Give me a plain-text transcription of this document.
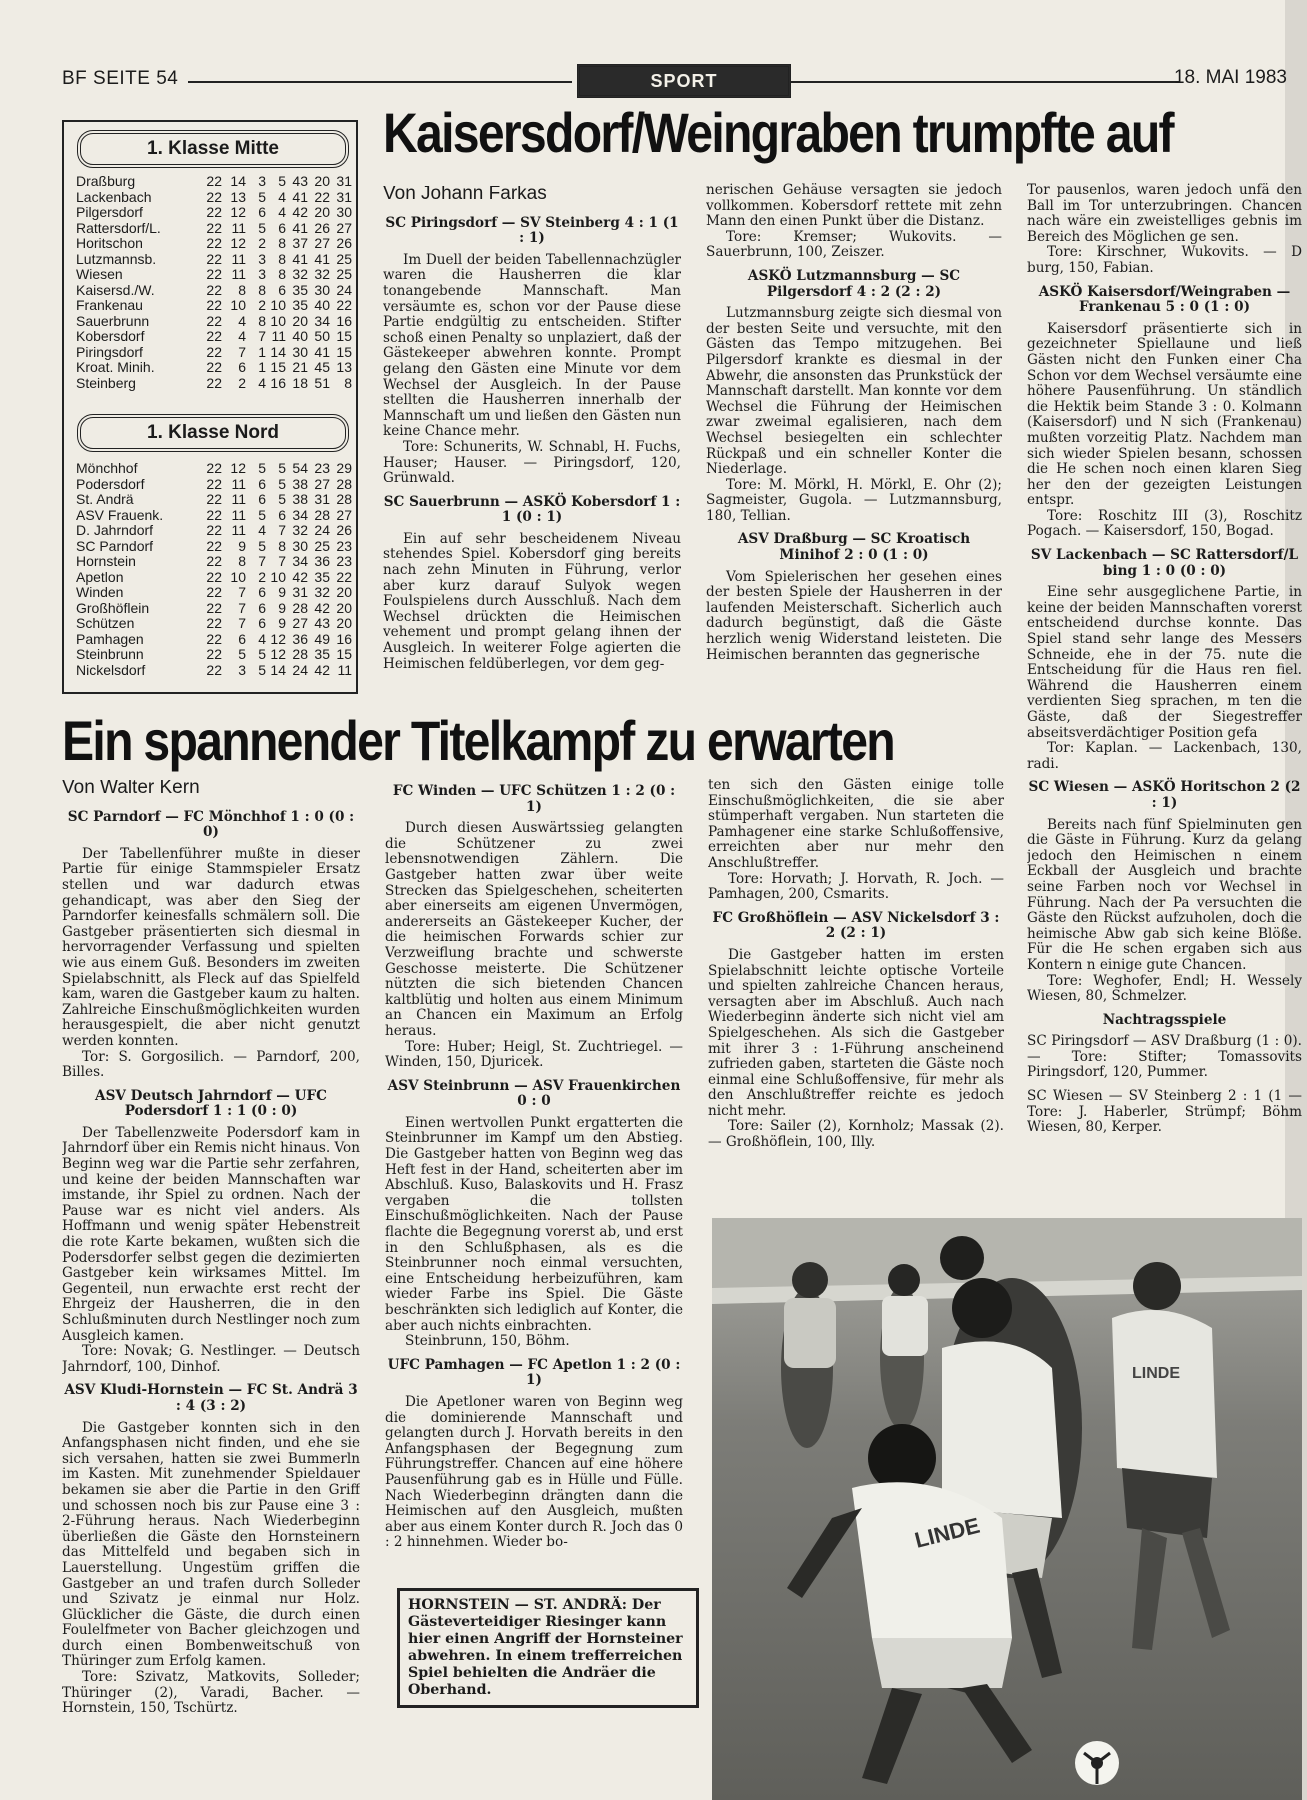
BF SEITE 54	SPORT	18. MAI 1983
Kaisersdorf/Weingraben trumpfte auf
Ein spannender Titelkampf zu erwarten
1. Klasse Mitte
Draßburg	22 14 3 5 43 20 31
Lackenbach	22 13 5 4 41 22 31
Pilgersdorf	22 12 6 4 42 20 30
Rattersdorf/L.	22 11 5 6 41 26 27
Horitschon	22 12 2 8 37 27 26
Lutzmannsb.	22 11 3 8 41 41 25
Wiesen	22 11 3 8 32 32 25
Kaisersd./W.	22	8 8 6 35 30 24
Frankenau	22 10 2 10 35 40 22
Sauerbrunn	22	4 8 10 20 34 16
Kobersdorf	22	4 7 11 40 50 15
Piringsdorf	22	7 1 14 30 41 15
Kroat. Minih.	22	6 1 15 21 45 13
Steinberg	22	2 4 16 18 51	8
1. Klasse Nord
Mönchhof	22 12 5 5 54 23 29
Podersdorf	22 11 6 5 38 27 28
St. Andrä	22 11 6 5 38 31 28
ASV Frauenk.	22 11 5 6 34 28 27
D. Jahrndorf	22 11 4 7 32 24 26
SC Parndorf	22	9 5 8 30 25 23
Hornstein	22	8 7 7 34 36 23
Apetlon	22 10 2 10 42 35 22
Winden	22	7 6 9 31 32 20
Großhöflein	22	7 6 9 28 42 20
Schützen	22	7 6 9 27 43 20
Pamhagen	22	6 4 12 36 49 16
Steinbrunn	22	5 5 12 28 35 15
Nickelsdorf	22	3 5 14 24 42 11
Von Johann Farkas
SC Piringsdorf — SV Steinberg 4 : 1 (1 : 1)

Im Duell der beiden Tabellennachzügler waren die Hausherren die klar tonangebende Mannschaft. Man versäumte es, schon vor der Pause diese Partie endgültig zu entscheiden. Stifter schoß einen Penalty so unplaziert, daß der Gästekeeper abwehren konnte. Prompt gelang den Gästen eine Minute vor dem Wechsel der Ausgleich. In der Pause stellten die Hausherren innerhalb der Mannschaft um und ließen den Gästen nun keine Chance mehr.

Tore: Schunerits, W. Schnabl, H. Fuchs, Hauser; Hauser. — Piringsdorf, 120, Grünwald.

SC Sauerbrunn — ASKÖ Kobersdorf 1 : 1 (0 : 1)

Ein auf sehr bescheidenem Niveau stehendes Spiel. Kobersdorf ging bereits nach zehn Minuten in Führung, verlor aber kurz darauf Sulyok wegen Foulspielens durch Ausschluß. Nach dem Wechsel drückten die Heimischen vehement und prompt gelang ihnen der Ausgleich. In weiterer Folge agierten die Heimischen feldüberlegen, vor dem geg-

nerischen Gehäuse versagten sie jedoch vollkommen. Kobersdorf rettete mit zehn Mann den einen Punkt über die Distanz.

Tore: Kremser; Wukovits. — Sauerbrunn, 100, Zeiszer.

ASKÖ Lutzmannsburg — SC Pilgersdorf 4 : 2 (2 : 2)

Lutzmannsburg zeigte sich diesmal von der besten Seite und versuchte, mit den Gästen das Tempo mitzugehen. Bei Pilgersdorf krankte es diesmal in der Abwehr, die ansonsten das Prunkstück der Mannschaft darstellt. Man konnte vor dem Wechsel die Führung der Heimischen zwar zweimal egalisieren, nach dem Wechsel besiegelten ein schlechter Rückpaß und ein schneller Konter die Niederlage.

Tore: M. Mörkl, H. Mörkl, E. Ohr (2); Sagmeister, Gugola. — Lutzmannsburg, 180, Tellian.

ASV Draßburg — SC Kroatisch Minihof 2 : 0 (1 : 0)

Vom Spielerischen her gesehen eines der besten Spiele der Hausherren in der laufenden Meisterschaft. Sicherlich auch dadurch begünstigt, daß die Gäste herzlich wenig Widerstand leisteten. Die Heimischen berannten das gegnerische

Tor pausenlos, waren jedoch unfä den Ball im Tor unterzubringen. Chancen nach wäre ein zweistelliges gebnis im Bereich des Möglichen ge sen.

Tore: Kirschner, Wukovits. — D burg, 150, Fabian.

ASKÖ Kaisersdorf/Weingraben — Frankenau 5 : 0 (1 : 0)

Kaisersdorf präsentierte sich in gezeichneter Spiellaune und ließ Gästen nicht den Funken einer Cha Schon vor dem Wechsel versäumte eine höhere Pausenführung. Un ständlich die Hektik beim Stande 3 : 0. Kolmann (Kaisersdorf) und N sich (Frankenau) mußten vorzeitig Platz. Nachdem man sich wieder Spielen besann, schossen die He schen noch einen klaren Sieg her den der gezeigten Leistungen entspr.

Tore: Roschitz III (3), Roschitz Pogach. — Kaisersdorf, 150, Bogad.

SV Lackenbach — SC Rattersdorf/L bing 1 : 0 (0 : 0)

Eine sehr ausgeglichene Partie, in keine der beiden Mannschaften vorerst entscheidend durchse konnte. Das Spiel stand sehr lange des Messers Schneide, ehe in der 75. nute die Entscheidung für die Haus ren fiel. Während die Hausherren einem verdienten Sieg sprachen, m ten die Gäste, daß der Siegestreffer abseitsverdächtiger Position gefa

Tor: Kaplan. — Lackenbach, 130, radi.

SC Wiesen — ASKÖ Horitschon 2 (2 : 1)

Bereits nach fünf Spielminuten gen die Gäste in Führung. Kurz da gelang jedoch den Heimischen n einem Eckball der Ausgleich und brachte seine Farben noch vor Wechsel in Führung. Nach der Pa versuchten die Gäste den Rückst aufzuholen, doch die heimische Abw gab sich keine Blöße. Für die He schen ergaben sich aus Kontern n einige gute Chancen.

Tore: Weghofer, Endl; H. Wessely Wiesen, 80, Schmelzer.

Nachtragsspiele

SC Piringsdorf — ASV Draßburg (1 : 0). — Tore: Stifter; Tomassovits Piringsdorf, 120, Pummer.

SC Wiesen — SV Steinberg 2 : 1 (1 — Tore: J. Haberler, Strümpf; Böhm Wiesen, 80, Kerper.

Von Walter Kern
SC Parndorf — FC Mönchhof 1 : 0 (0 : 0)

Der Tabellenführer mußte in dieser Partie für einige Stammspieler Ersatz stellen und war dadurch etwas gehandicapt, was aber den Sieg der Parndorfer keinesfalls schmälern soll. Die Gastgeber präsentierten sich diesmal in hervorragender Verfassung und spielten wie aus einem Guß. Besonders im zweiten Spielabschnitt, als Fleck auf das Spielfeld kam, waren die Gastgeber kaum zu halten. Zahlreiche Einschußmöglichkeiten wurden herausgespielt, die aber nicht genutzt werden konnten.

Tor: S. Gorgosilich. — Parndorf, 200, Billes.

ASV Deutsch Jahrndorf — UFC Podersdorf 1 : 1 (0 : 0)

Der Tabellenzweite Podersdorf kam in Jahrndorf über ein Remis nicht hinaus. Von Beginn weg war die Partie sehr zerfahren, und keine der beiden Mannschaften war imstande, ihr Spiel zu ordnen. Nach der Pause war es nicht viel anders. Als Hoffmann und wenig später Hebenstreit die rote Karte bekamen, wußten sich die Podersdorfer selbst gegen die dezimierten Gastgeber kein wirksames Mittel. Im Gegenteil, nun erwachte erst recht der Ehrgeiz der Hausherren, die in den Schlußminuten durch Nestlinger noch zum Ausgleich kamen.

Tore: Novak; G. Nestlinger. — Deutsch Jahrndorf, 100, Dinhof.

ASV Kludi-Hornstein — FC St. Andrä 3 : 4 (3 : 2)

Die Gastgeber konnten sich in den Anfangsphasen nicht finden, und ehe sie sich versahen, hatten sie zwei Bummerln im Kasten. Mit zunehmender Spieldauer bekamen sie aber die Partie in den Griff und schossen noch bis zur Pause eine 3 : 2-Führung heraus. Nach Wiederbeginn überließen die Gäste den Hornsteinern das Mittelfeld und begaben sich in Lauerstellung. Ungestüm griffen die Gastgeber an und trafen durch Solleder und Szivatz je einmal nur Holz. Glücklicher die Gäste, die durch einen Foulelfmeter von Bacher gleichzogen und durch einen Bombenweitschuß von Thüringer zum Erfolg kamen.

Tore: Szivatz, Matkovits, Solleder; Thüringer (2), Varadi, Bacher. — Hornstein, 150, Tschürtz.

FC Winden — UFC Schützen 1 : 2 (0 : 1)

Durch diesen Auswärtssieg gelangten die Schützener zu zwei lebensnotwendigen Zählern. Die Gastgeber hatten zwar über weite Strecken das Spielgeschehen, scheiterten aber einerseits am eigenen Unvermögen, andererseits an Gästekeeper Kucher, der die heimischen Forwards schier zur Verzweiflung brachte und schwerste Geschosse meisterte. Die Schützener nützten die sich bietenden Chancen kaltblütig und holten aus einem Minimum an Chancen ein Maximum an Erfolg heraus.

Tore: Huber; Heigl, St. Zuchtriegel. — Winden, 150, Djuricek.

ASV Steinbrunn — ASV Frauenkirchen 0 : 0

Einen wertvollen Punkt ergatterten die Steinbrunner im Kampf um den Abstieg. Die Gastgeber hatten von Beginn weg das Heft fest in der Hand, scheiterten aber im Abschluß. Kuso, Balaskovits und H. Frasz vergaben die tollsten Einschußmöglichkeiten. Nach der Pause flachte die Begegnung vorerst ab, und erst in den Schlußphasen, als es die Steinbrunner noch einmal versuchten, eine Entscheidung herbeizuführen, kam wieder Farbe ins Spiel. Die Gäste beschränkten sich lediglich auf Konter, die aber auch nichts einbrachten.

Steinbrunn, 150, Böhm.

UFC Pamhagen — FC Apetlon 1 : 2 (0 : 1)

Die Apetloner waren von Beginn weg die dominierende Mannschaft und gelangten durch J. Horvath bereits in den Anfangsphasen der Begegnung zum Führungstreffer. Chancen auf eine höhere Pausenführung gab es in Hülle und Fülle. Nach Wiederbeginn drängten dann die Heimischen auf den Ausgleich, mußten aber aus einem Konter durch R. Joch das 0 : 2 hinnehmen. Wieder bo-

ten sich den Gästen einige tolle Einschußmöglichkeiten, die sie aber stümperhaft vergaben. Nun starteten die Pamhagener eine starke Schlußoffensive, erreichten aber nur mehr den Anschlußtreffer.

Tore: Horvath; J. Horvath, R. Joch. — Pamhagen, 200, Csmarits.

FC Großhöflein — ASV Nickelsdorf 3 : 2 (2 : 1)

Die Gastgeber hatten im ersten Spielabschnitt leichte optische Vorteile und spielten zahlreiche Chancen heraus, versagten aber im Abschluß. Auch nach Wiederbeginn änderte sich nicht viel am Spielgeschehen. Als sich die Gastgeber mit ihrer 3 : 1-Führung anscheinend zufrieden gaben, starteten die Gäste noch einmal eine Schlußoffensive, für mehr als den Anschlußtreffer reichte es jedoch nicht mehr.

Tore: Sailer (2), Kornholz; Massak (2). — Großhöflein, 100, Illy.

LINDE
LINDE
HORNSTEIN — ST. ANDRÄ: Der Gästeverteidiger Riesinger kann hier einen Angriff der Hornsteiner abwehren. In einem trefferreichen Spiel behielten die Andräer die Oberhand.
